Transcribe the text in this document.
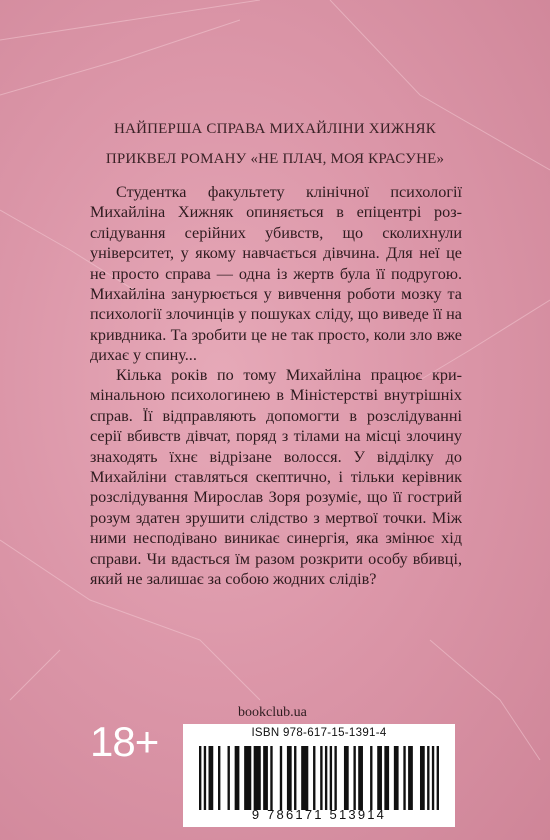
НАЙПЕРША СПРАВА МИХАЙЛІНИ ХИЖНЯК
ПРИКВЕЛ РОМАНУ «НЕ ПЛАЧ, МОЯ КРАСУНЕ»
Студентка факультету клінічної психології Михайліна Хижняк опиняється в епіцентрі розслідування серійних убивств, що сколихнули університет, у якому навчається дівчина. Для неї це не просто справа — одна із жертв була її подругою. Михайліна занурюється у вивчення роботи мозку та психології злочинців у пошуках сліду, що виведе її на кривдника. Та зробити це не так просто, коли зло вже дихає у спину...
Кілька років по тому Михайліна працює кримінальною психологинею в Міністерстві внутрішніх справ. Її відправляють допомогти в розслідуванні серії вбивств дівчат, поряд з тілами на місці злочину знаходять їхнє відрізане волосся. У відділку до Михайліни ставляться скептично, і тільки керівник розслідування Мирослав Зоря розуміє, що її гострий розум здатен зрушити слідство з мертвої точки. Між ними несподівано виникає синергія, яка змінює хід справи. Чи вдасться їм разом розкрити особу вбивці, який не залишає за собою жодних слідів?
18+
bookclub.ua
ISBN 978-617-15-1391-4
9 786171 513914
